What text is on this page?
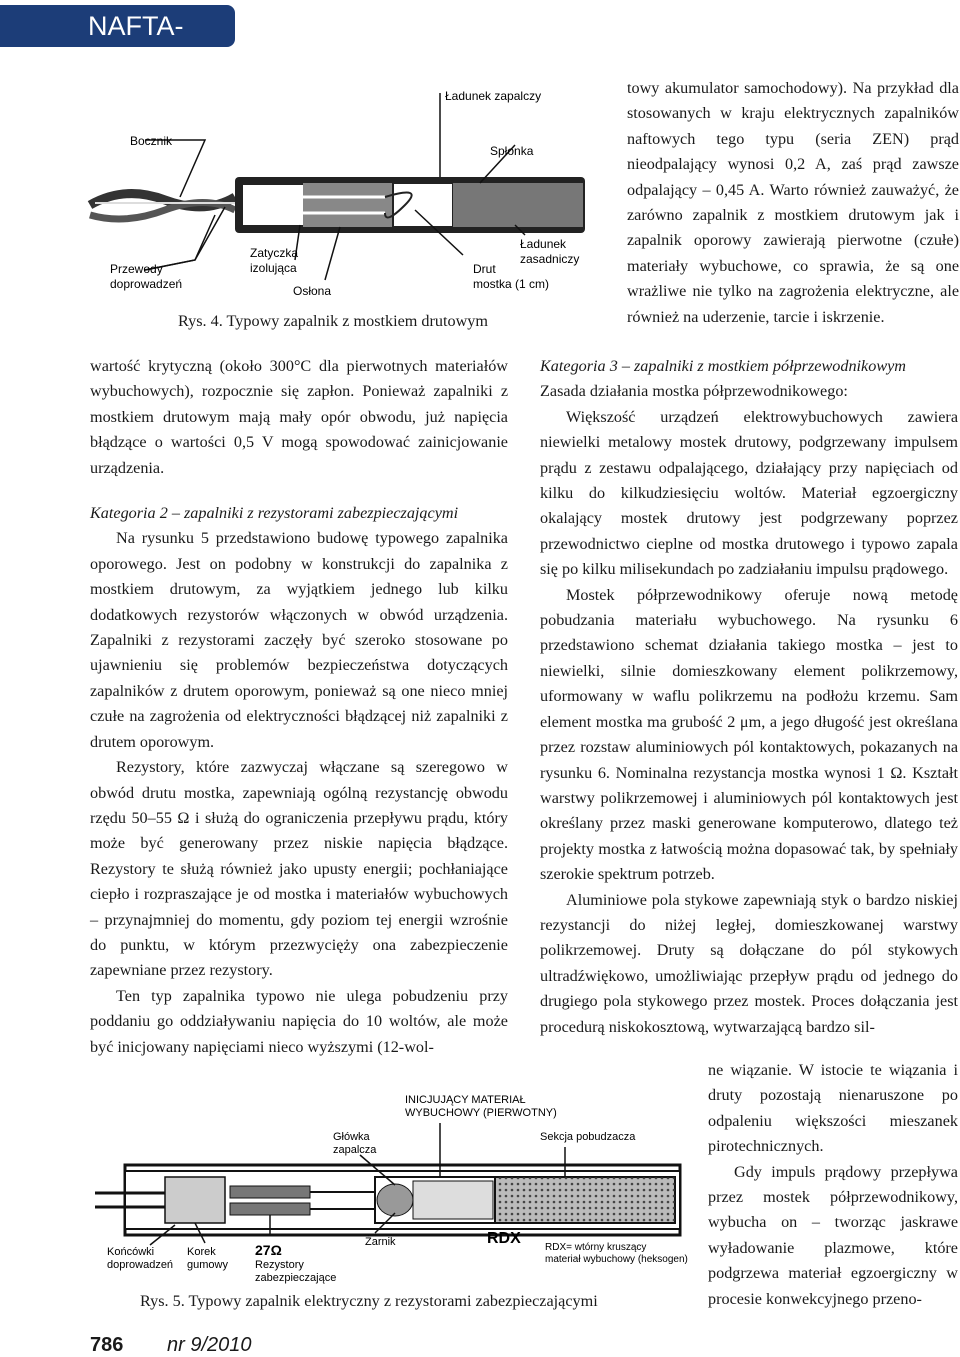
NAFTA-GAZ
Bocznik
Ładunek zapalczy
Spłonka
Ładunek
zasadniczy
Przewody
doprowadzeń
Zatyczka
izolująca
Osłona
Drut
mostka (1 cm)
Rys. 4. Typowy zapalnik z mostkiem drutowym

towy akumulator samochodowy). Na przykład dla stosowanych w kraju elektrycznych zapalników naftowych tego typu (seria ZEN) prąd nieodpalający wynosi 0,2 A, zaś prąd zawsze odpalający – 0,45 A. Warto również zauważyć, że zarówno zapalnik z mostkiem drutowym jak i zapalnik oporowy zawierają pierwotne (czułe) materiały wybuchowe, co sprawia, że są one wrażliwe nie tylko na zagrożenia elektryczne, ale również na uderzenie, tarcie i iskrzenie.

wartość krytyczną (około 300°C dla pierwotnych materiałów wybuchowych), rozpocznie się zapłon. Ponieważ zapalniki z mostkiem drutowym mają mały opór obwodu, już napięcia błądzące o wartości 0,5 V mogą spowodować zainicjowanie urządzenia.

Kategoria 2 – zapalniki z rezystorami zabezpieczającymi

Na rysunku 5 przedstawiono budowę typowego zapalnika oporowego. Jest on podobny w konstrukcji do zapalnika z mostkiem drutowym, za wyjątkiem jednego lub kilku dodatkowych rezystorów włączonych w obwód urządzenia. Zapalniki z rezystorami zaczęły być szeroko stosowane po ujawnieniu się problemów bezpieczeństwa dotyczących zapalników z drutem oporowym, ponieważ są one nieco mniej czułe na zagrożenia od elektryczności błądzącej niż zapalniki z drutem oporowym.

Rezystory, które zazwyczaj włączane są szeregowo w obwód drutu mostka, zapewniają ogólną rezystancję obwodu rzędu 50–55 Ω i służą do ograniczenia przepływu prądu, który może być generowany przez niskie napięcia błądzące. Rezystory te służą również jako upusty energii; pochłaniające ciepło i rozpraszające je od mostka i materiałów wybuchowych – przynajmniej do momentu, gdy poziom tej energii wzrośnie do punktu, w którym przezwycięży ona zabezpieczenie zapewniane przez rezystory.

Ten typ zapalnika typowo nie ulega pobudzeniu przy poddaniu go oddziaływaniu napięcia do 10 woltów, ale może być inicjowany napięciami nieco wyższymi (12-wol-

Kategoria 3 – zapalniki z mostkiem półprzewodnikowym

Zasada działania mostka półprzewodnikowego:

Większość urządzeń elektrowybuchowych zawiera niewielki metalowy mostek drutowy, podgrzewany impulsem prądu z zestawu odpalającego, działający przy napięciach od kilku do kilkudziesięciu woltów. Materiał egzoergiczny okalający mostek drutowy jest podgrzewany poprzez przewodnictwo cieplne od mostka drutowego i typowo zapala się po kilku milisekundach po zadziałaniu impulsu prądowego.

Mostek półprzewodnikowy oferuje nową metodę pobudzania materiału wybuchowego. Na rysunku 6 przedstawiono schemat działania takiego mostka – jest to niewielki, silnie domieszkowany element polikrzemowy, uformowany w waflu polikrzemu na podłożu krzemu. Sam element mostka ma grubość 2 μm, a jego długość jest określana przez rozstaw aluminiowych pól kontaktowych, pokazanych na rysunku 6. Nominalna rezystancja mostka wynosi 1 Ω. Kształt warstwy polikrzemowej i aluminiowych pól kontaktowych jest określany przez maski generowane komputerowo, dlatego też projekty mostka z łatwością można dopasować tak, by spełniały szerokie spektrum potrzeb.

Aluminiowe pola stykowe zapewniają styk o bardzo niskiej rezystancji do niżej ległej, domieszkowanej warstwy polikrzemowej. Druty są dołączane do pól stykowych ultradźwiękowo, umożliwiając przepływ prądu od jednego do drugiego pola stykowego przez mostek. Proces dołączania jest procedurą niskokosztową, wytwarzającą bardzo sil-

ne wiązanie. W istocie te wiązania i druty pozostają nienaruszone po odpaleniu większości mieszanek pirotechnicznych.

Gdy impuls prądowy przepływa przez mostek półprzewodnikowy, wybucha on – tworząc jaskrawe wyładowanie plazmowe, które podgrzewa materiał egzoergiczny w procesie konwekcyjnego przeno-

INICJUJĄCY MATERIAŁ
WYBUCHOWY (PIERWOTNY)
Główka
zapalcza
Sekcja pobudzacza
Końcówki
doprowadzeń
Korek
gumowy
27Ω
Rezystory
zabezpieczające
Żarnik	RDX
RDX= wtórny kruszący
materiał wybuchowy (heksogen)
Rys. 5. Typowy zapalnik elektryczny z rezystorami zabezpieczającymi
786 nr 9/2010
